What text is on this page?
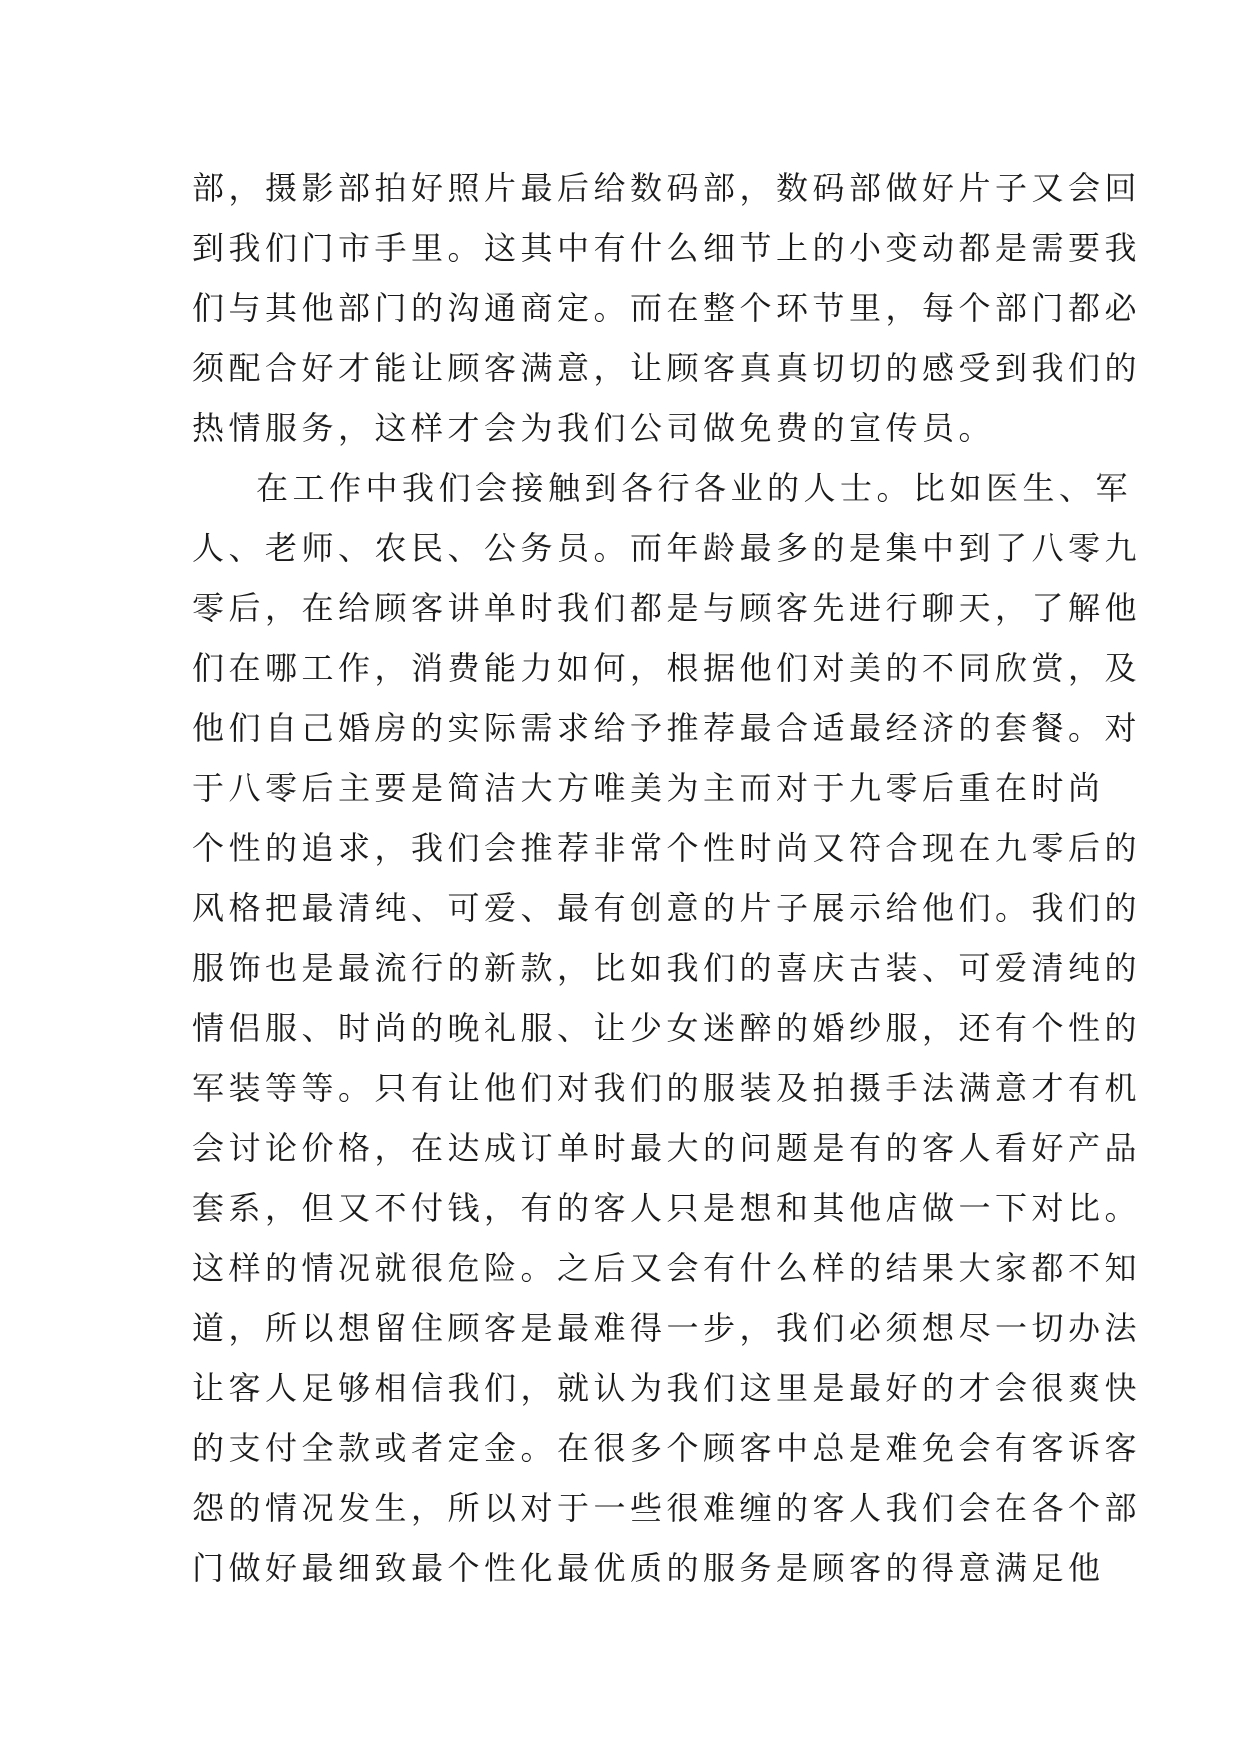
部，摄影部拍好照片最后给数码部，数码部做好片子又会回
到我们门市手里。这其中有什么细节上的小变动都是需要我
们与其他部门的沟通商定。而在整个环节里，每个部门都必
须配合好才能让顾客满意，让顾客真真切切的感受到我们的
热情服务，这样才会为我们公司做免费的宣传员。
在工作中我们会接触到各行各业的人士。比如医生、军
人、老师、农民、公务员。而年龄最多的是集中到了八零九
零后，在给顾客讲单时我们都是与顾客先进行聊天，了解他
们在哪工作，消费能力如何，根据他们对美的不同欣赏，及
他们自己婚房的实际需求给予推荐最合适最经济的套餐。对
于八零后主要是简洁大方唯美为主而对于九零后重在时尚
个性的追求，我们会推荐非常个性时尚又符合现在九零后的
风格把最清纯、可爱、最有创意的片子展示给他们。我们的
服饰也是最流行的新款，比如我们的喜庆古装、可爱清纯的
情侣服、时尚的晚礼服、让少女迷醉的婚纱服，还有个性的
军装等等。只有让他们对我们的服装及拍摄手法满意才有机
会讨论价格，在达成订单时最大的问题是有的客人看好产品
套系，但又不付钱，有的客人只是想和其他店做一下对比。
这样的情况就很危险。之后又会有什么样的结果大家都不知
道，所以想留住顾客是最难得一步，我们必须想尽一切办法
让客人足够相信我们，就认为我们这里是最好的才会很爽快
的支付全款或者定金。在很多个顾客中总是难免会有客诉客
怨的情况发生，所以对于一些很难缠的客人我们会在各个部
门做好最细致最个性化最优质的服务是顾客的得意满足他
